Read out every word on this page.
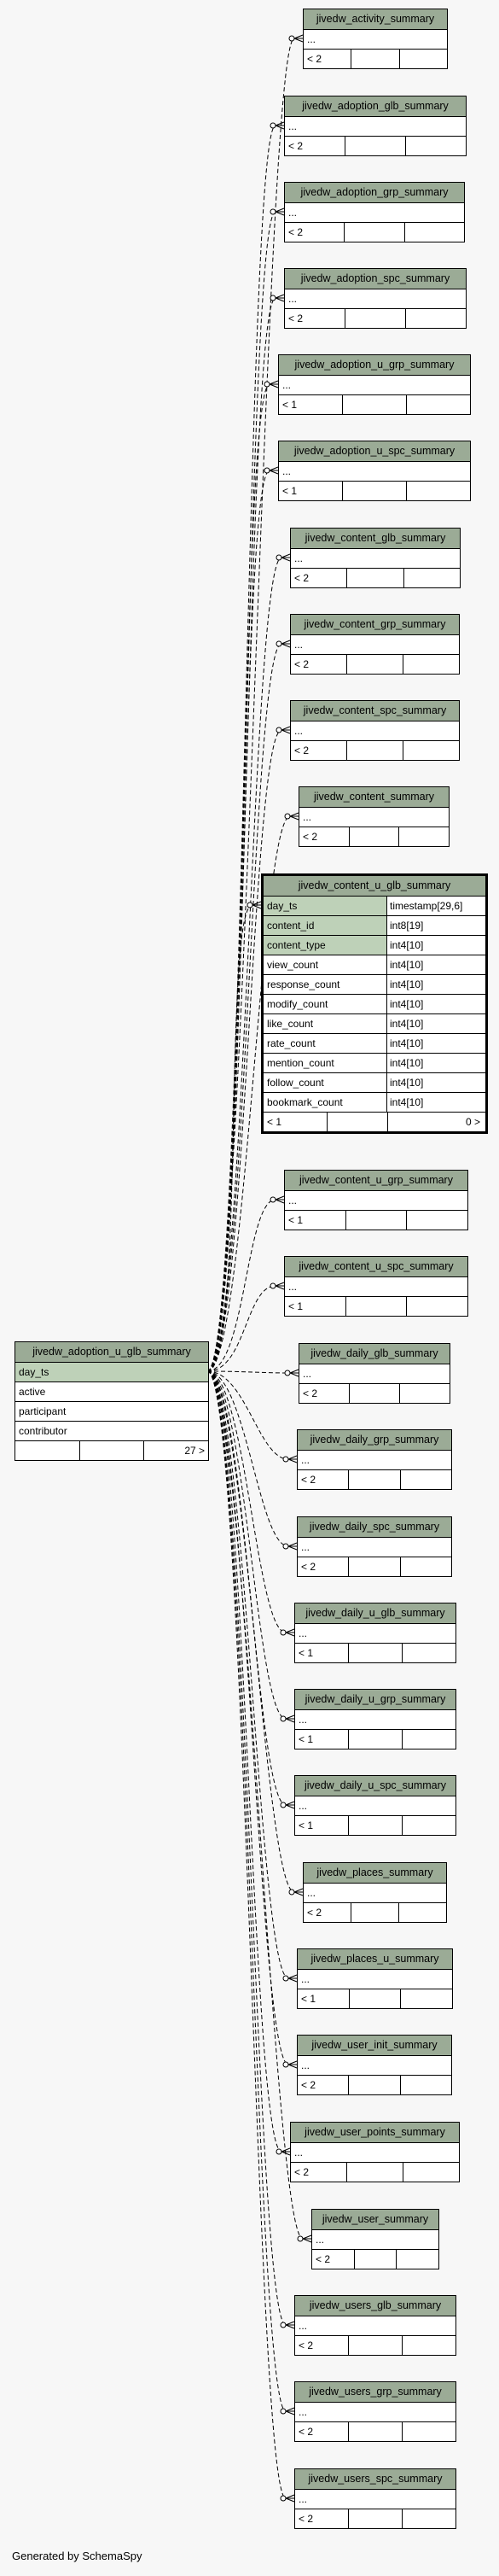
jivedw_adoption_u_glb_summary
day_ts
active
participant
contributor
27 >
jivedw_content_u_glb_summary
day_ts	timestamp[29,6]
content_id	int8[19]
content_type	int4[10]
view_count	int4[10]
response_count	int4[10]
modify_count	int4[10]
like_count	int4[10]
rate_count	int4[10]
mention_count	int4[10]
follow_count	int4[10]
bookmark_count	int4[10]
< 1	0 >
jivedw_activity_summary
...
< 2
jivedw_adoption_glb_summary
...
< 2
jivedw_adoption_grp_summary
...
< 2
jivedw_adoption_spc_summary
...
< 2
jivedw_adoption_u_grp_summary
...
< 1
jivedw_adoption_u_spc_summary
...
< 1
jivedw_content_glb_summary
...
< 2
jivedw_content_grp_summary
...
< 2
jivedw_content_spc_summary
...
< 2
jivedw_content_summary
...
< 2
jivedw_content_u_grp_summary
...
< 1
jivedw_content_u_spc_summary
...
< 1
jivedw_daily_glb_summary
...
< 2
jivedw_daily_grp_summary
...
< 2
jivedw_daily_spc_summary
...
< 2
jivedw_daily_u_glb_summary
...
< 1
jivedw_daily_u_grp_summary
...
< 1
jivedw_daily_u_spc_summary
...
< 1
jivedw_places_summary
...
< 2
jivedw_places_u_summary
...
< 1
jivedw_user_init_summary
...
< 2
jivedw_user_points_summary
...
< 2
jivedw_user_summary
...
< 2
jivedw_users_glb_summary
...
< 2
jivedw_users_grp_summary
...
< 2
jivedw_users_spc_summary
...
< 2
Generated by SchemaSpy
